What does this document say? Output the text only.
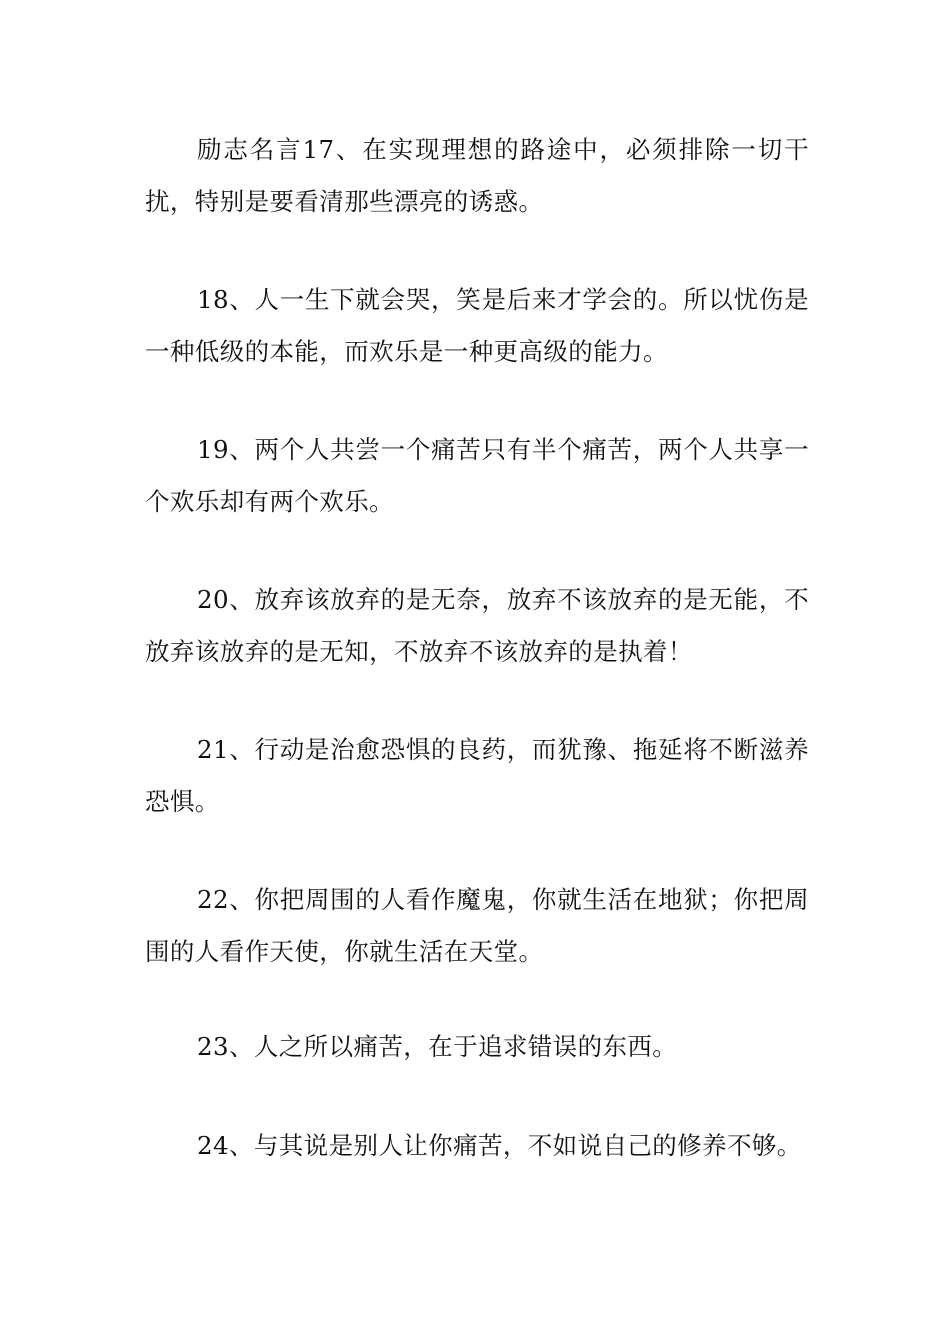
励志名言17、在实现理想的路途中，必须排除一切干扰，特别是要看清那些漂亮的诱惑。

18、人一生下就会哭，笑是后来才学会的。所以忧伤是一种低级的本能，而欢乐是一种更高级的能力。

19、两个人共尝一个痛苦只有半个痛苦，两个人共享一个欢乐却有两个欢乐。

20、放弃该放弃的是无奈，放弃不该放弃的是无能，不放弃该放弃的是无知，不放弃不该放弃的是执着！

21、行动是治愈恐惧的良药，而犹豫、拖延将不断滋养恐惧。

22、你把周围的人看作魔鬼，你就生活在地狱；你把周围的人看作天使，你就生活在天堂。

23、人之所以痛苦，在于追求错误的东西。

24、与其说是别人让你痛苦，不如说自己的修养不够。
